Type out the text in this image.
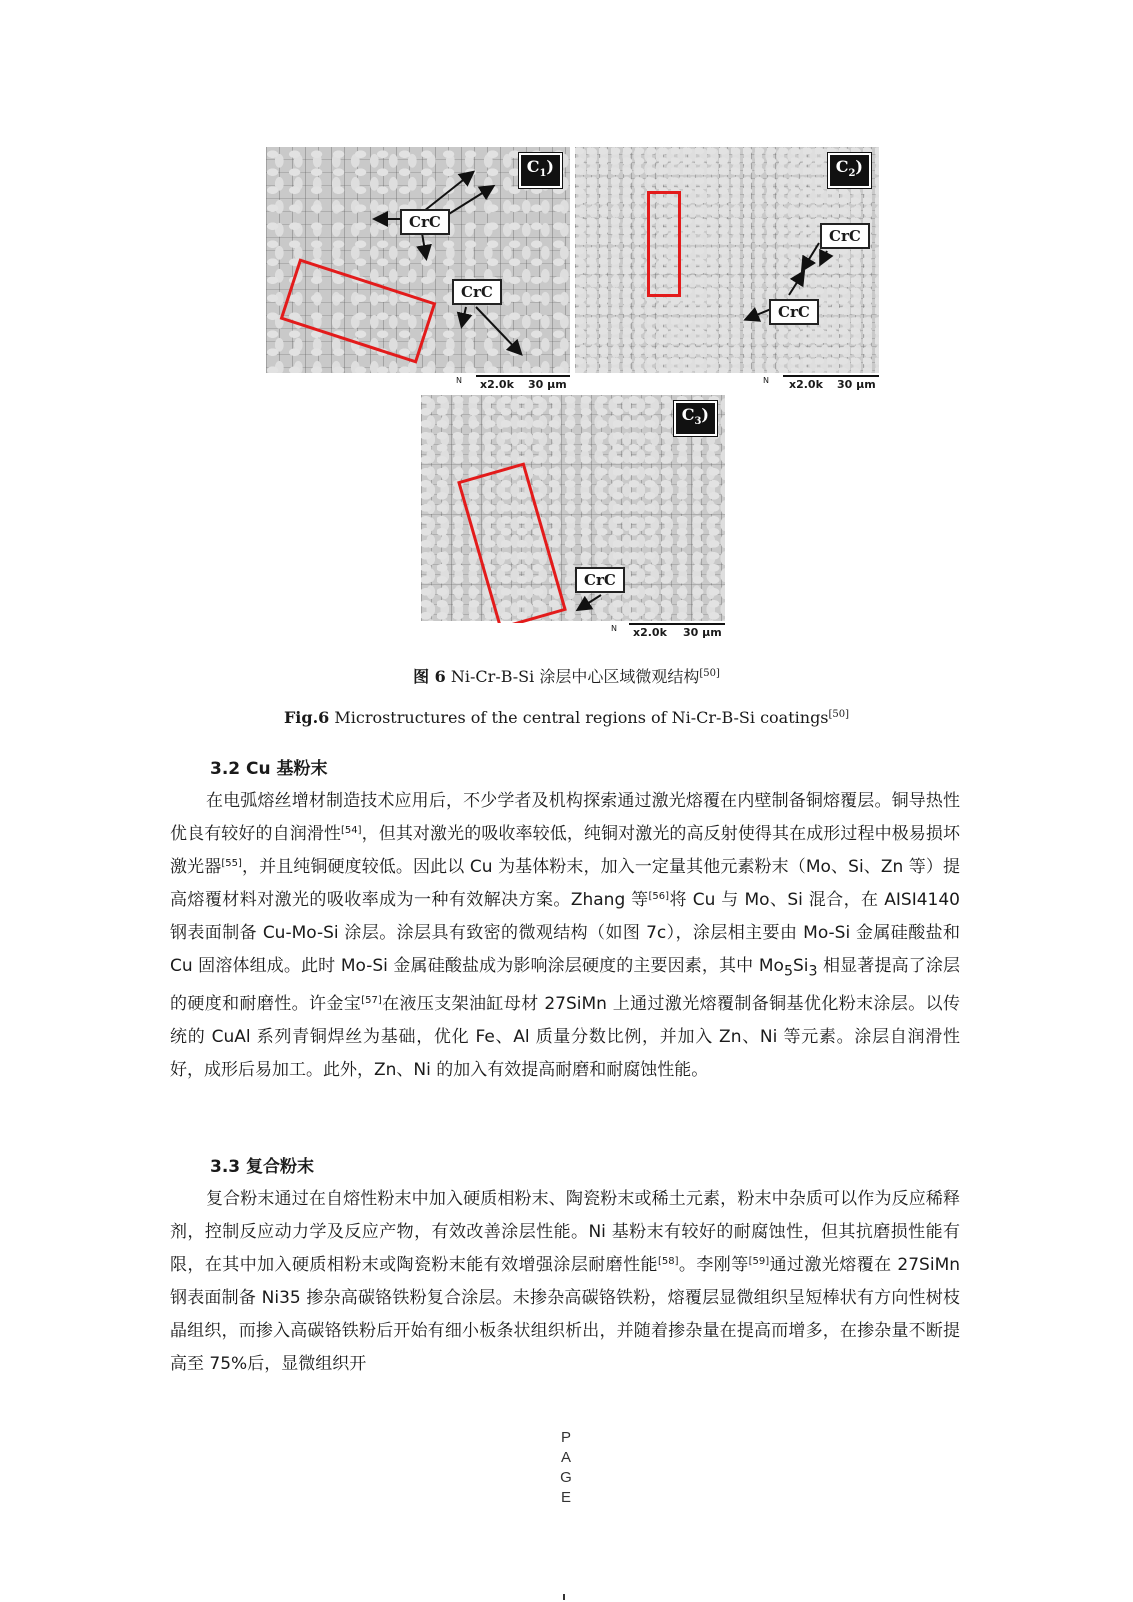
$C_1$)
CrC
CrC
N x2.0k 30 μm
$C_2$)
CrC
CrC
N x2.0k 30 μm
$C_3$)
CrC
N x2.0k 30 μm
图 6 Ni-Cr-B-Si 涂层中心区域微观结构[50]
Fig.6 Microstructures of the central regions of Ni-Cr-B-Si coatings[50]
3.2 Cu 基粉末

在电弧熔丝增材制造技术应用后，不少学者及机构探索通过激光熔覆在内壁制备铜熔覆层。铜导热性优良有较好的自润滑性[54]，但其对激光的吸收率较低，纯铜对激光的高反射使得其在成形过程中极易损坏激光器[55]，并且纯铜硬度较低。因此以 Cu 为基体粉末，加入一定量其他元素粉末（Mo、Si、Zn 等）提高熔覆材料对激光的吸收率成为一种有效解决方案。Zhang 等[56]将 Cu 与 Mo、Si 混合，在 AISI4140 钢表面制备 Cu-Mo-Si 涂层。涂层具有致密的微观结构（如图 7c），涂层相主要由 Mo-Si 金属硅酸盐和 Cu 固溶体组成。此时 Mo-Si 金属硅酸盐成为影响涂层硬度的主要因素，其中 $Mo_5Si_3$ 相显著提高了涂层的硬度和耐磨性。许金宝[57]在液压支架油缸母材 27SiMn 上通过激光熔覆制备铜基优化粉末涂层。以传统的 CuAl 系列青铜焊丝为基础，优化 Fe、Al 质量分数比例，并加入 Zn、Ni 等元素。涂层自润滑性好，成形后易加工。此外，Zn、Ni 的加入有效提高耐磨和耐腐蚀性能。

3.3 复合粉末

复合粉末通过在自熔性粉末中加入硬质相粉末、陶瓷粉末或稀土元素，粉末中杂质可以作为反应稀释剂，控制反应动力学及反应产物，有效改善涂层性能。Ni 基粉末有较好的耐腐蚀性，但其抗磨损性能有限，在其中加入硬质相粉末或陶瓷粉末能有效增强涂层耐磨性能[58]。李刚等[59]通过激光熔覆在 27SiMn 钢表面制备 Ni35 掺杂高碳铬铁粉复合涂层。未掺杂高碳铬铁粉，熔覆层显微组织呈短棒状有方向性树枝晶组织，而掺入高碳铬铁粉后开始有细小板条状组织析出，并随着掺杂量在提高而增多，在掺杂量不断提高至 75%后，显微组织开

P
A
G
E
